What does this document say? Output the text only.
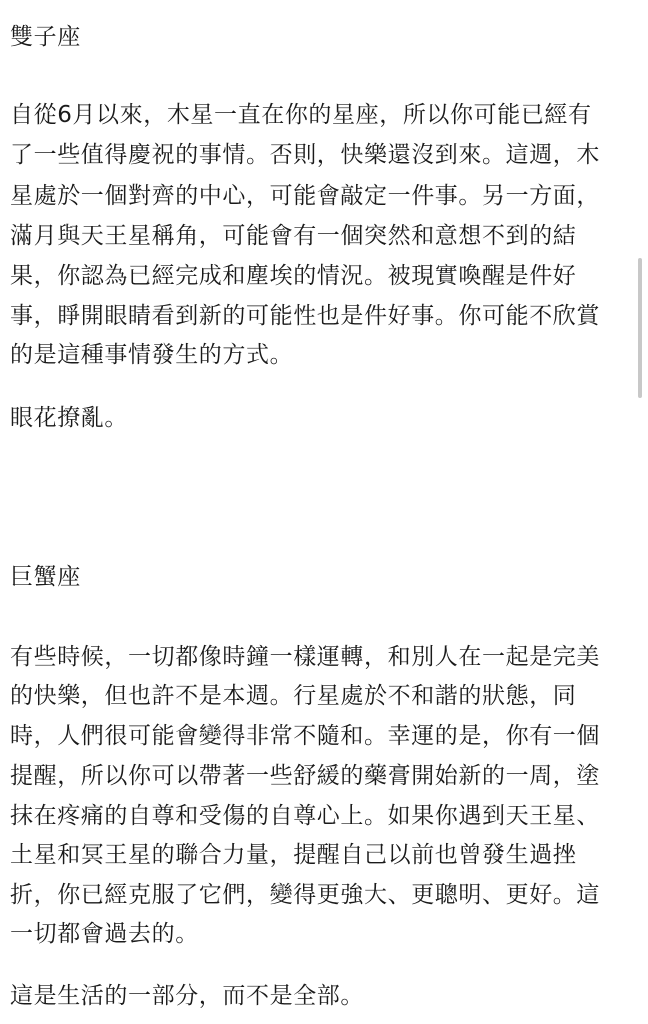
雙子座
自從6月以來，木星一直在你的星座，所以你可能已經有
了一些值得慶祝的事情。否則，快樂還沒到來。這週，木
星處於一個對齊的中心，可能會敲定一件事。另一方面，
滿月與天王星稱角，可能會有一個突然和意想不到的結
果，你認為已經完成和塵埃的情況。被現實喚醒是件好
事，睜開眼睛看到新的可能性也是件好事。你可能不欣賞
的是這種事情發生的方式。
眼花撩亂。
巨蟹座
有些時候，一切都像時鐘一樣運轉，和別人在一起是完美
的快樂，但也許不是本週。行星處於不和諧的狀態，同
時，人們很可能會變得非常不隨和。幸運的是，你有一個
提醒，所以你可以帶著一些舒緩的藥膏開始新的一周，塗
抹在疼痛的自尊和受傷的自尊心上。如果你遇到天王星、
土星和冥王星的聯合力量，提醒自己以前也曾發生過挫
折，你已經克服了它們，變得更強大、更聰明、更好。這
一切都會過去的。
這是生活的一部分，而不是全部。
